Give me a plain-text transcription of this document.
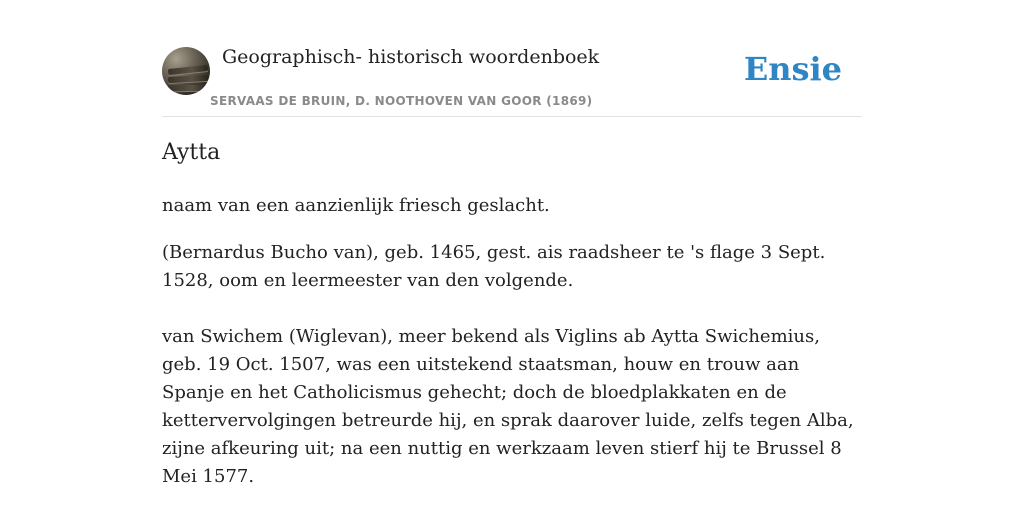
Geographisch- historisch woordenboek
SERVAAS DE BRUIN, D. NOOTHOVEN VAN GOOR (1869)
Ensie
Aytta

naam van een aanzienlijk friesch geslacht.

(Bernardus Bucho van), geb. 1465, gest. ais raadsheer te 's flage 3 Sept. 1528, oom en leermeester van den volgende.

van Swichem (Wiglevan), meer bekend als Viglins ab Aytta Swichemius, geb. 19 Oct. 1507, was een uitstekend staatsman, houw en trouw aan Spanje en het Catholicismus gehecht; doch de bloedplakkaten en de kettervervolgingen betreurde hij, en sprak daarover luide, zelfs tegen Alba, zijne afkeuring uit; na een nuttig en werkzaam leven stierf hij te Brussel 8 Mei 1577.
